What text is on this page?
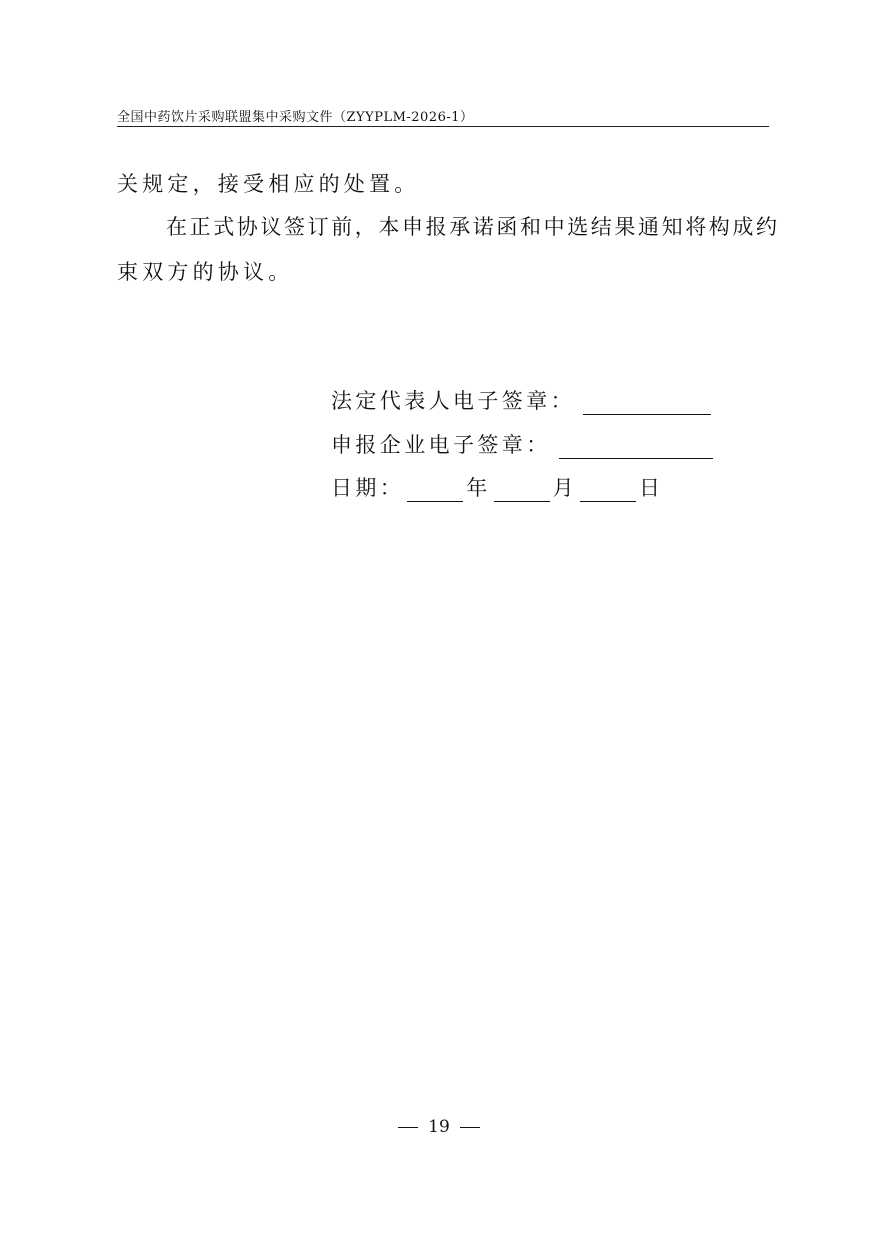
全国中药饮片采购联盟集中采购文件（ZYYPLM-2026-1）
关规定，接受相应的处置。
在正式协议签订前，本申报承诺函和中选结果通知将构成约
束双方的协议。
法定代表人电子签章：
申报企业电子签章：
日期：	年	月	日
19
